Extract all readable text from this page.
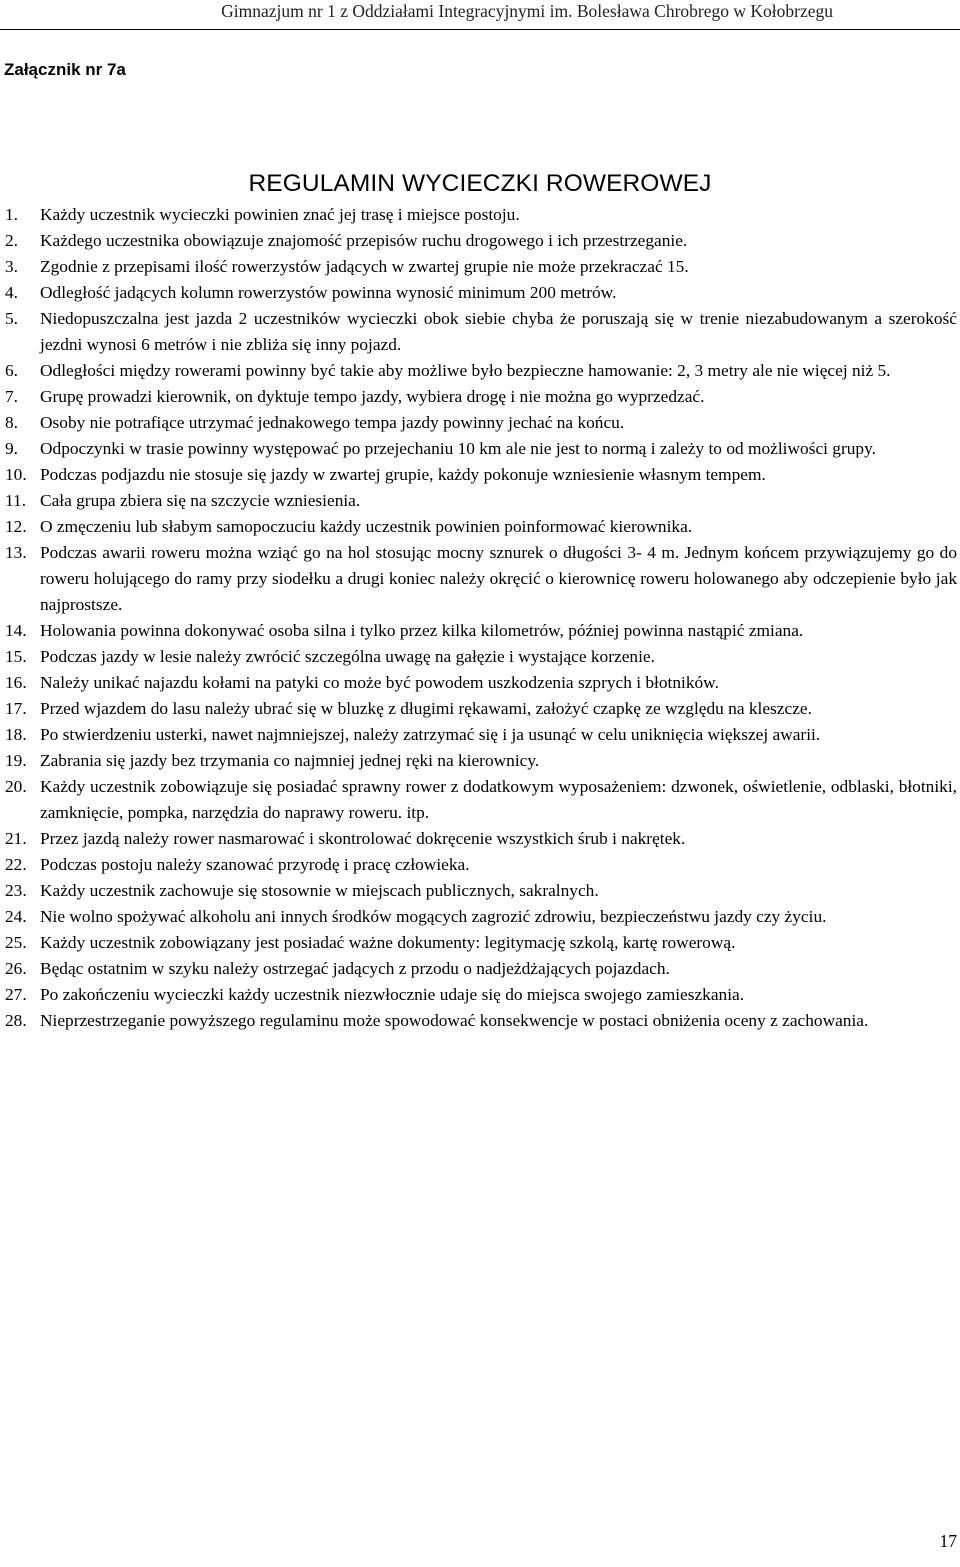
Gimnazjum nr 1 z Oddziałami Integracyjnymi im. Bolesława Chrobrego w Kołobrzegu
Załącznik nr 7a
REGULAMIN WYCIECZKI ROWEROWEJ
1. Każdy uczestnik wycieczki powinien znać jej trasę i miejsce postoju.
2. Każdego uczestnika obowiązuje znajomość przepisów ruchu drogowego i ich przestrzeganie.
3. Zgodnie z przepisami ilość rowerzystów jadących w zwartej grupie nie może przekraczać 15.
4. Odległość jadących kolumn rowerzystów powinna wynosić minimum 200 metrów.
5. Niedopuszczalna jest jazda 2 uczestników wycieczki obok siebie chyba że poruszają się w trenie niezabudowanym a szerokość jezdni wynosi 6 metrów i nie zbliża się inny pojazd.
6. Odległości między rowerami powinny być takie aby możliwe było bezpieczne hamowanie: 2, 3 metry ale nie więcej niż 5.
7. Grupę prowadzi kierownik, on dyktuje tempo jazdy, wybiera drogę i nie można go wyprzedzać.
8. Osoby nie potrafiące utrzymać jednakowego tempa jazdy powinny jechać na końcu.
9. Odpoczynki w trasie powinny występować po przejechaniu 10 km ale nie jest to normą i zależy to od możliwości grupy.
10. Podczas podjazdu nie stosuje się jazdy w zwartej grupie, każdy pokonuje wzniesienie własnym tempem.
11. Cała grupa zbiera się na szczycie wzniesienia.
12. O zmęczeniu lub słabym samopoczuciu każdy uczestnik powinien poinformować kierownika.
13. Podczas awarii roweru można wziąć go na hol stosując mocny sznurek o długości 3- 4 m. Jednym końcem przywiązujemy go do roweru holującego do ramy przy siodełku a drugi koniec należy okręcić o kierownicę roweru holowanego aby odczepienie było jak najprostsze.
14. Holowania powinna dokonywać osoba silna i tylko przez kilka kilometrów, później powinna nastąpić zmiana.
15. Podczas jazdy w lesie należy zwrócić szczególna uwagę na gałęzie i wystające korzenie.
16. Należy unikać najazdu kołami na patyki co może być powodem uszkodzenia szprych i błotników.
17. Przed wjazdem do lasu należy ubrać się w bluzkę z długimi rękawami, założyć czapkę ze względu na kleszcze.
18. Po stwierdzeniu usterki, nawet najmniejszej, należy zatrzymać się i ja usunąć w celu uniknięcia większej awarii.
19. Zabrania się jazdy bez trzymania co najmniej jednej ręki na kierownicy.
20. Każdy uczestnik zobowiązuje się posiadać sprawny rower z dodatkowym wyposażeniem: dzwonek, oświetlenie, odblaski, błotniki, zamknięcie, pompka, narzędzia do naprawy roweru. itp.
21. Przez jazdą należy rower nasmarować i skontrolować dokręcenie wszystkich śrub i nakrętek.
22. Podczas postoju należy szanować przyrodę i pracę człowieka.
23. Każdy uczestnik zachowuje się stosownie w miejscach publicznych, sakralnych.
24. Nie wolno spożywać alkoholu ani innych środków mogących zagrozić zdrowiu, bezpieczeństwu jazdy czy życiu.
25. Każdy uczestnik zobowiązany jest posiadać ważne dokumenty: legitymację szkolą, kartę rowerową.
26. Będąc ostatnim w szyku należy ostrzegać jadących z przodu o nadjeżdżających pojazdach.
27. Po zakończeniu wycieczki każdy uczestnik niezwłocznie udaje się do miejsca swojego zamieszkania.
28. Nieprzestrzeganie powyższego regulaminu może spowodować konsekwencje w postaci obniżenia oceny z zachowania.
17
